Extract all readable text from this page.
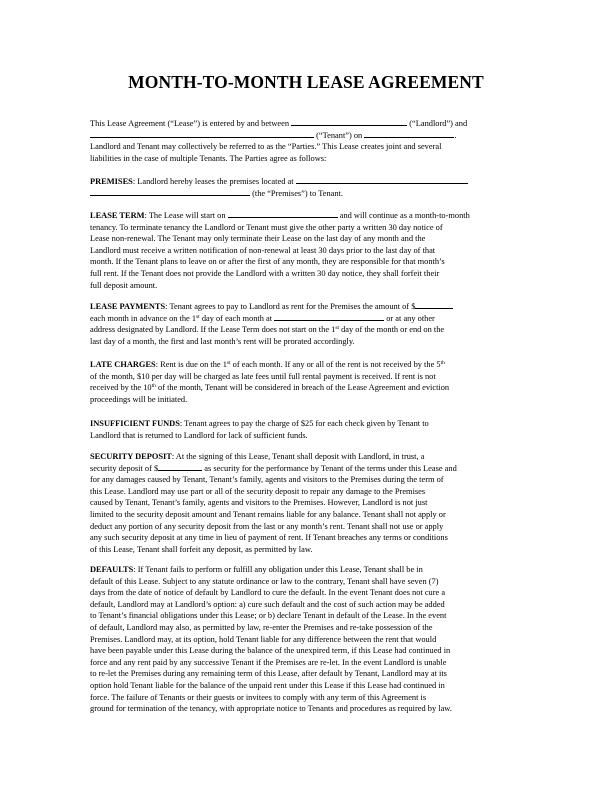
MONTH-TO-MONTH LEASE AGREEMENT
This Lease Agreement (“Lease”) is entered by and between	(“Landlord”) and
(“Tenant”) on	.
Landlord and Tenant may collectively be referred to as the “Parties.” This Lease creates joint and several
liabilities in the case of multiple Tenants. The Parties agree as follows:
PREMISES: Landlord hereby leases the premises located at
(the “Premises”) to Tenant.
LEASE TERM: The Lease will start on	and will continue as a month-to-month
tenancy. To terminate tenancy the Landlord or Tenant must give the other party a written 30 day notice of
Lease non-renewal. The Tenant may only terminate their Lease on the last day of any month and the
Landlord must receive a written notification of non-renewal at least 30 days prior to the last day of that
month. If the Tenant plans to leave on or after the first of any month, they are responsible for that month’s
full rent. If the Tenant does not provide the Landlord with a written 30 day notice, they shall forfeit their
full deposit amount.
LEASE PAYMENTS: Tenant agrees to pay to Landlord as rent for the Premises the amount of $
each month in advance on the 1st day of each month at	or at any other
address designated by Landlord. If the Lease Term does not start on the 1st day of the month or end on the
last day of a month, the first and last month’s rent will be prorated accordingly.
LATE CHARGES: Rent is due on the 1st of each month. If any or all of the rent is not received by the 5th
of the month, $10 per day will be charged as late fees until full rental payment is received. If rent is not
received by the 10th of the month, Tenant will be considered in breach of the Lease Agreement and eviction
proceedings will be initiated.
INSUFFICIENT FUNDS: Tenant agrees to pay the charge of $25 for each check given by Tenant to
Landlord that is returned to Landlord for lack of sufficient funds.
SECURITY DEPOSIT: At the signing of this Lease, Tenant shall deposit with Landlord, in trust, a
security deposit of $	as security for the performance by Tenant of the terms under this Lease and
for any damages caused by Tenant, Tenant’s family, agents and visitors to the Premises during the term of
this Lease. Landlord may use part or all of the security deposit to repair any damage to the Premises
caused by Tenant, Tenant’s family, agents and visitors to the Premises. However, Landlord is not just
limited to the security deposit amount and Tenant remains liable for any balance. Tenant shall not apply or
deduct any portion of any security deposit from the last or any month’s rent. Tenant shall not use or apply
any such security deposit at any time in lieu of payment of rent. If Tenant breaches any terms or conditions
of this Lease, Tenant shall forfeit any deposit, as permitted by law.
DEFAULTS: If Tenant fails to perform or fulfill any obligation under this Lease, Tenant shall be in
default of this Lease. Subject to any statute ordinance or law to the contrary, Tenant shall have seven (7)
days from the date of notice of default by Landlord to cure the default. In the event Tenant does not cure a
default, Landlord may at Landlord’s option: a) cure such default and the cost of such action may be added
to Tenant’s financial obligations under this Lease; or b) declare Tenant in default of the Lease. In the event
of default, Landlord may also, as permitted by law, re-enter the Premises and re-take possession of the
Premises. Landlord may, at its option, hold Tenant liable for any difference between the rent that would
have been payable under this Lease during the balance of the unexpired term, if this Lease had continued in
force and any rent paid by any successive Tenant if the Premises are re-let. In the event Landlord is unable
to re-let the Premises during any remaining term of this Lease, after default by Tenant, Landlord may at its
option hold Tenant liable for the balance of the unpaid rent under this Lease if this Lease had continued in
force. The failure of Tenants or their guests or invitees to comply with any term of this Agreement is
ground for termination of the tenancy, with appropriate notice to Tenants and procedures as required by law.
